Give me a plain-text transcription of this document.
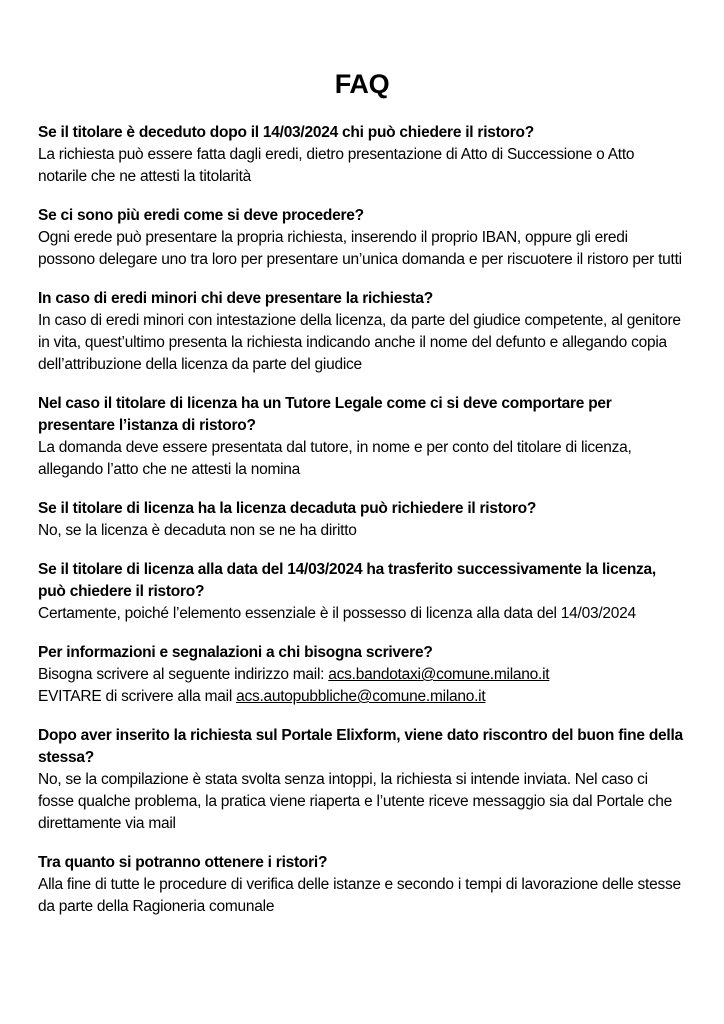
FAQ

Se il titolare è deceduto dopo il 14/03/2024 chi può chiedere il ristoro?

La richiesta può essere fatta dagli eredi, dietro presentazione di Atto di Successione o Atto notarile che ne attesti la titolarità

Se ci sono più eredi come si deve procedere?

Ogni erede può presentare la propria richiesta, inserendo il proprio IBAN, oppure gli eredi possono delegare uno tra loro per presentare un’unica domanda e per riscuotere il ristoro per tutti

In caso di eredi minori chi deve presentare la richiesta?

In caso di eredi minori con intestazione della licenza, da parte del giudice competente, al genitore in vita, quest’ultimo presenta la richiesta indicando anche il nome del defunto e allegando copia dell’attribuzione della licenza da parte del giudice

Nel caso il titolare di licenza ha un Tutore Legale come ci si deve comportare per presentare l’istanza di ristoro?

La domanda deve essere presentata dal tutore, in nome e per conto del titolare di licenza, allegando l’atto che ne attesti la nomina

Se il titolare di licenza ha la licenza decaduta può richiedere il ristoro?

No, se la licenza è decaduta non se ne ha diritto

Se il titolare di licenza alla data del 14/03/2024 ha trasferito successivamente la licenza, può chiedere il ristoro?

Certamente, poiché l’elemento essenziale è il possesso di licenza alla data del 14/03/2024

Per informazioni e segnalazioni a chi bisogna scrivere?

Bisogna scrivere al seguente indirizzo mail: acs.bandotaxi@comune.milano.it
EVITARE di scrivere alla mail acs.autopubbliche@comune.milano.it

Dopo aver inserito la richiesta sul Portale Elixform, viene dato riscontro del buon fine della stessa?

No, se la compilazione è stata svolta senza intoppi, la richiesta si intende inviata. Nel caso ci fosse qualche problema, la pratica viene riaperta e l’utente riceve messaggio sia dal Portale che direttamente via mail

Tra quanto si potranno ottenere i ristori?

Alla fine di tutte le procedure di verifica delle istanze e secondo i tempi di lavorazione delle stesse da parte della Ragioneria comunale
